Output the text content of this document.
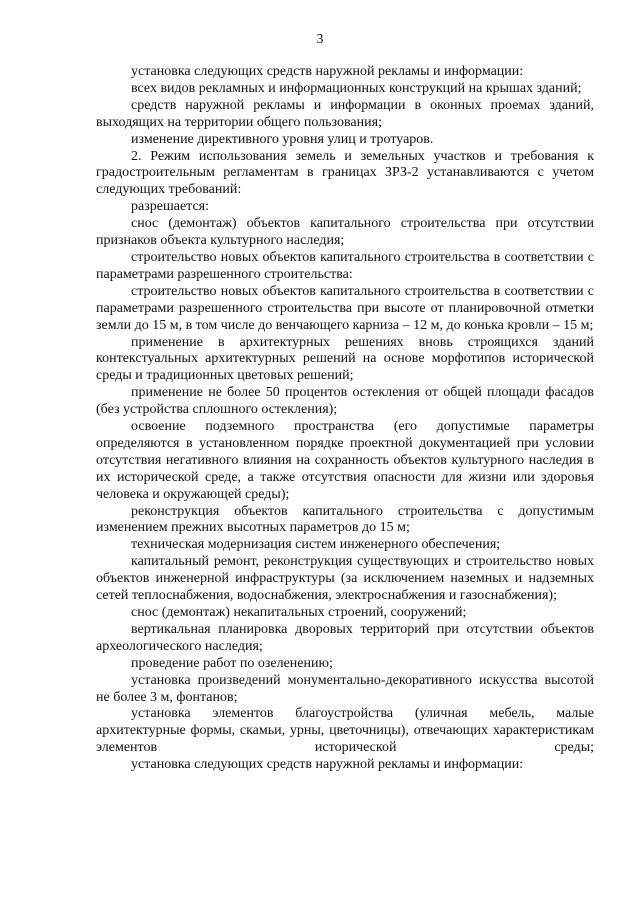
3

установка следующих средств наружной рекламы и информации:

всех видов рекламных и информационных конструкций на крышах зданий;

средств наружной рекламы и информации в оконных проемах зданий, выходящих на территории общего пользования;

изменение директивного уровня улиц и тротуаров.

2. Режим использования земель и земельных участков и требования к градостроительным регламентам в границах ЗРЗ-2 устанавливаются с учетом следующих требований:

разрешается:

снос (демонтаж) объектов капитального строительства при отсутствии признаков объекта культурного наследия;

строительство новых объектов капитального строительства в соответствии с параметрами разрешенного строительства:

строительство новых объектов капитального строительства в соответствии с параметрами разрешенного строительства при высоте от планировочной отметки земли до 15 м, в том числе до венчающего карниза – 12 м, до конька кровли – 15 м;

применение в архитектурных решениях вновь строящихся зданий контекстуальных архитектурных решений на основе морфотипов исторической среды и традиционных цветовых решений;

применение не более 50 процентов остекления от общей площади фасадов (без устройства сплошного остекления);

освоение подземного пространства (его допустимые параметры определяются в установленном порядке проектной документацией при условии отсутствия негативного влияния на сохранность объектов культурного наследия в их исторической среде, а также отсутствия опасности для жизни или здоровья человека и окружающей среды);

реконструкция объектов капитального строительства с допустимым изменением прежних высотных параметров до 15 м;

техническая модернизация систем инженерного обеспечения;

капитальный ремонт, реконструкция существующих и строительство новых объектов инженерной инфраструктуры (за исключением наземных и надземных сетей теплоснабжения, водоснабжения, электроснабжения и газоснабжения);

снос (демонтаж) некапитальных строений, сооружений;

вертикальная планировка дворовых территорий при отсутствии объектов археологического наследия;

проведение работ по озеленению;

установка произведений монументально-декоративного искусства высотой не более 3 м, фонтанов;

установка элементов благоустройства (уличная мебель, малые архитектурные формы, скамьи, урны, цветочницы), отвечающих характеристикам элементов исторической среды;

установка следующих средств наружной рекламы и информации:
